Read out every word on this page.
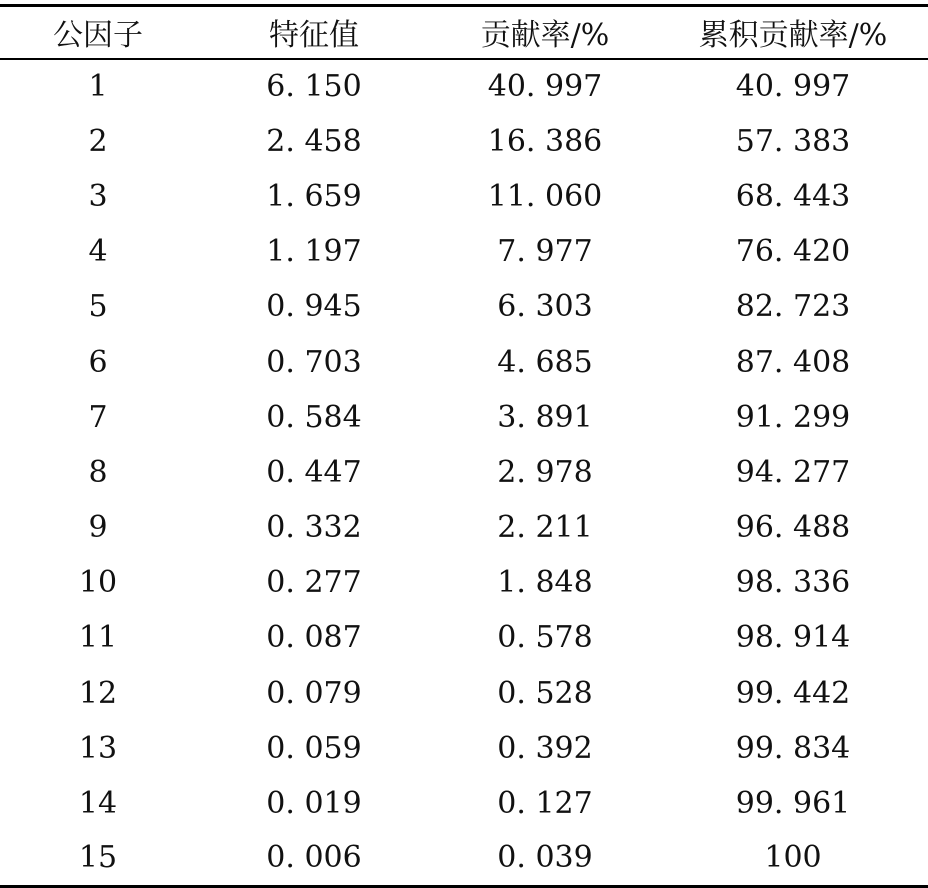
公因子	特征值	贡献率/%	累积贡献率/%
1	6. 150	40. 997	40. 997
2	2. 458	16. 386	57. 383
3	1. 659	11. 060	68. 443
4	1. 197	7. 977	76. 420
5	0. 945	6. 303	82. 723
6	0. 703	4. 685	87. 408
7	0. 584	3. 891	91. 299
8	0. 447	2. 978	94. 277
9	0. 332	2. 211	96. 488
10	0. 277	1. 848	98. 336
11	0. 087	0. 578	98. 914
12	0. 079	0. 528	99. 442
13	0. 059	0. 392	99. 834
14	0. 019	0. 127	99. 961
15	0. 006	0. 039	100
